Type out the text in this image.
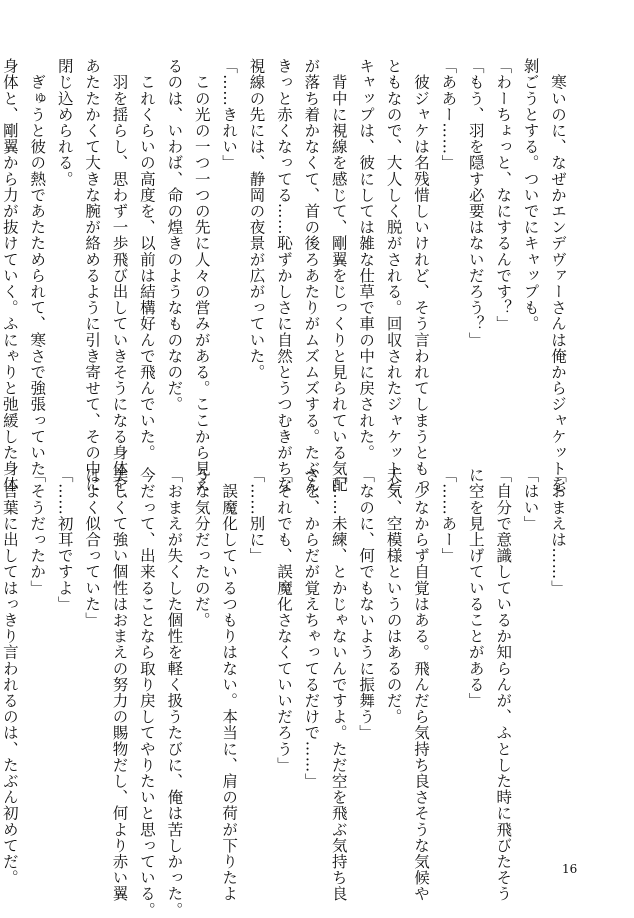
　寒いのに、なぜかエンデヴァーさんは俺からジャケットを
剝ごうとする。ついでにキャップも。
「わーちょっと、なにするんです？」
「もう、羽を隠す必要はないだろう？」
「ああー……」
　彼ジャケは名残惜しいけれど、そう言われてしまうともっ
ともなので、大人しく脱がされる。回収されたジャケットと
キャップは、彼にしては雑な仕草で車の中に戻された。
　背中に視線を感じて、剛翼をじっくりと見られている気配
が落ち着かなくて、首の後ろあたりがムズムズする。たぶん、
きっと赤くなってる……恥ずかしさに自然とうつむきがちな
視線の先には、静岡の夜景が広がっていた。
「……きれい」
　この光の一つ一つの先に人々の営みがある。ここから見え
るのは、いわば、命の煌きのようなものなのだ。
　これくらいの高度を、以前は結構好んで飛んでいた。
　羽を揺らし、思わず一歩飛び出していきそうになる身体を、
あたたかくて大きな腕が絡めるように引き寄せて、その中に
閉じ込められる。
　ぎゅうと彼の熱であたためられて、寒さで強張っていた
身体と、剛翼から力が抜けていく。ふにゃりと弛緩した身体
「おまえは……」
「はい」
「自分で意識しているか知らんが、ふとした時に飛びたそう
に空を見上げていることがある」
「……あー」
　少なからず自覚はある。飛んだら気持ち良さそうな気候や
天気、空模様というのはあるのだ。
「なのに、何でもないように振舞う」
「……未練、とかじゃないんですよ。ただ空を飛ぶ気持ち良
さを、からだが覚えちゃってるだけで……」
「それでも、誤魔化さなくていいだろう」
「……別に」
　誤魔化しているつもりはない。本当に、肩の荷が下りたよ
うな気分だったのだ。
「おまえが失くした個性を軽く扱うたびに、俺は苦しかった。
今だって、出来ることなら取り戻してやりたいと思っている。
美しくて強い個性はおまえの努力の賜物だし、何より赤い翼
はよく似合っていた」
「……初耳ですよ」
「そうだったか」
　言葉に出してはっきり言われるのは、たぶん初めてだ。	16
